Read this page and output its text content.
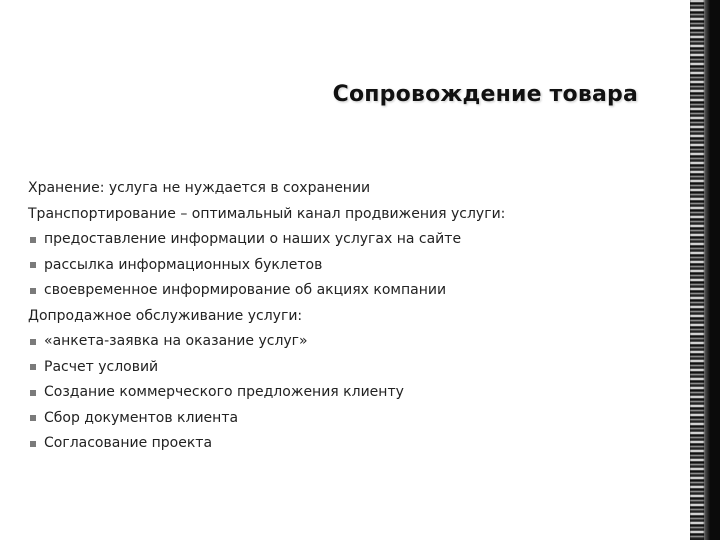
Сопровождение товара
Хранение: услуга не нуждается в сохранении
Транспортирование – оптимальный канал продвижения услуги:
предоставление информации о наших услугах на сайте
рассылка информационных буклетов
своевременное информирование об акциях компании
Допродажное обслуживание услуги:
«анкета-заявка на оказание услуг»
Расчет условий
Создание коммерческого предложения клиенту
Сбор документов клиента
Согласование проекта
